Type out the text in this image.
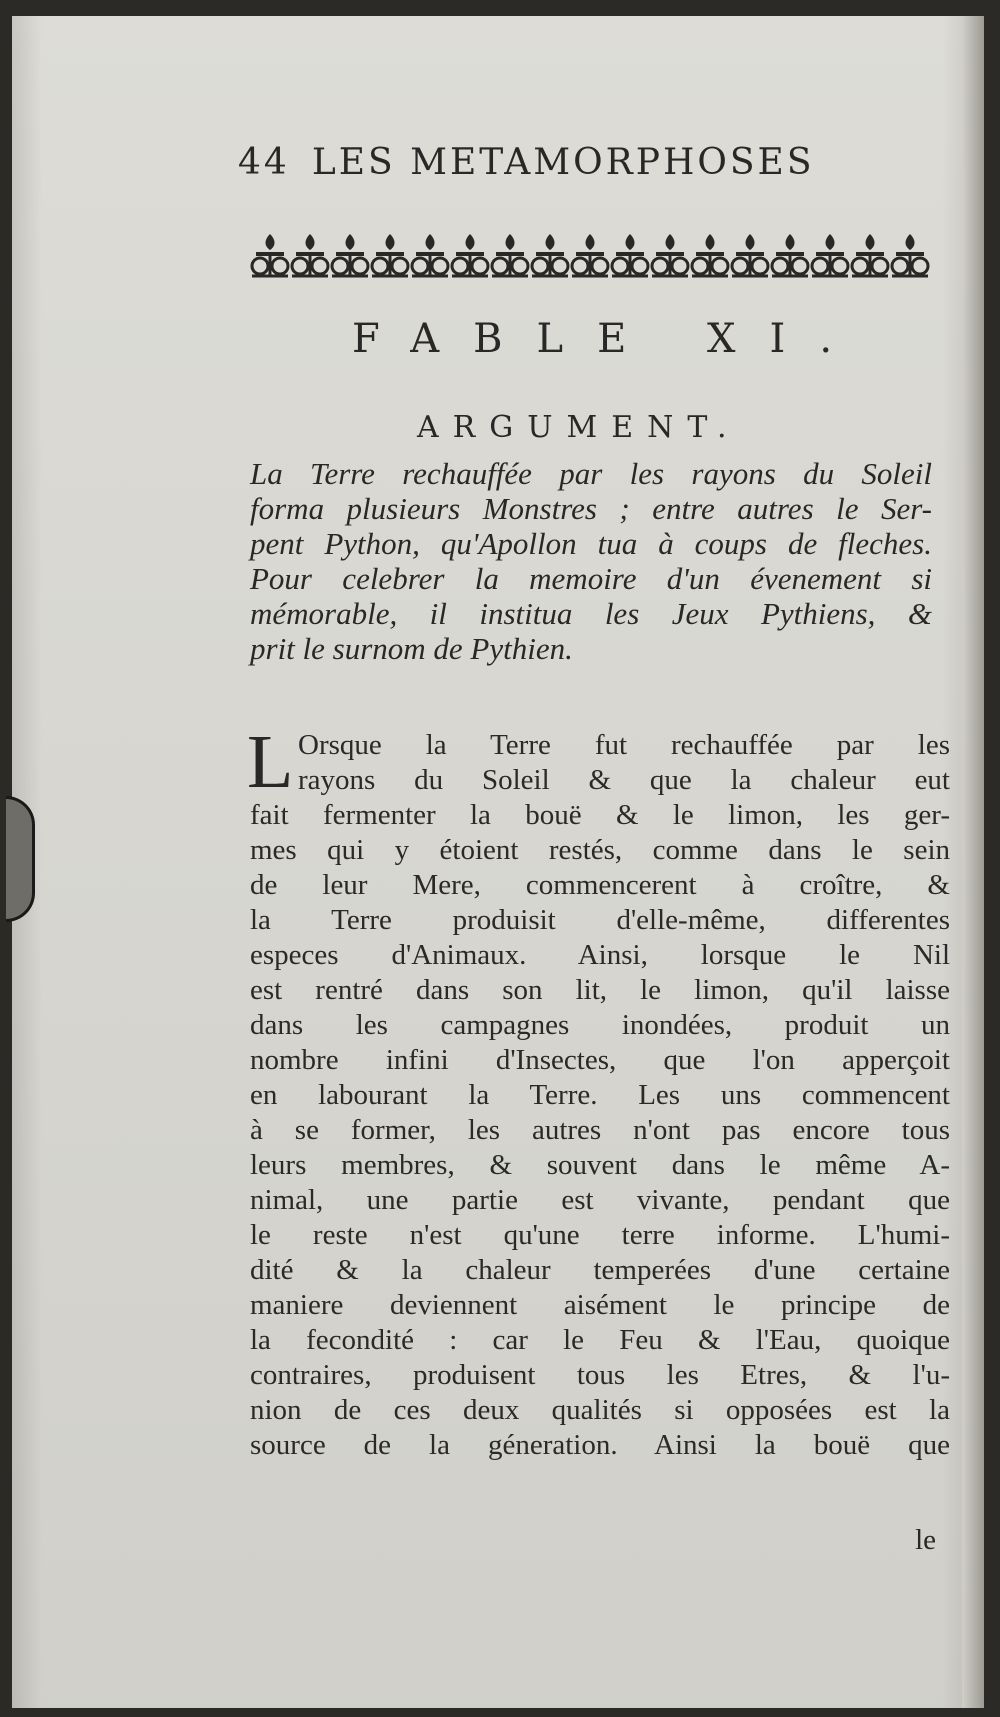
44 LES METAMORPHOSES
FABLE XI.
ARGUMENT.

La Terre rechauffée par les rayons du Soleil
forma plusieurs Monstres ; entre autres le Ser-
pent Python, qu'Apollon tua à coups de fleches.
Pour celebrer la memoire d'un évenement si
mémorable, il institua les Jeux Pythiens, &
prit le surnom de Pythien.

L Orsque la Terre fut rechauffée par les
rayons du Soleil & que la chaleur eut
fait fermenter la bouë & le limon, les ger-
mes qui y étoient restés, comme dans le sein
de leur Mere, commencerent à croître, &
la Terre produisit d'elle-même, differentes
especes d'Animaux. Ainsi, lorsque le Nil
est rentré dans son lit, le limon, qu'il laisse
dans les campagnes inondées, produit un
nombre infini d'Insectes, que l'on apperçoit
en labourant la Terre. Les uns commencent
à se former, les autres n'ont pas encore tous
leurs membres, & souvent dans le même A-
nimal, une partie est vivante, pendant que
le reste n'est qu'une terre informe. L'humi-
dité & la chaleur temperées d'une certaine
maniere deviennent aisément le principe de
la fecondité : car le Feu & l'Eau, quoique
contraires, produisent tous les Etres, & l'u-
nion de ces deux qualités si opposées est la
source de la géneration. Ainsi la bouë que

le
